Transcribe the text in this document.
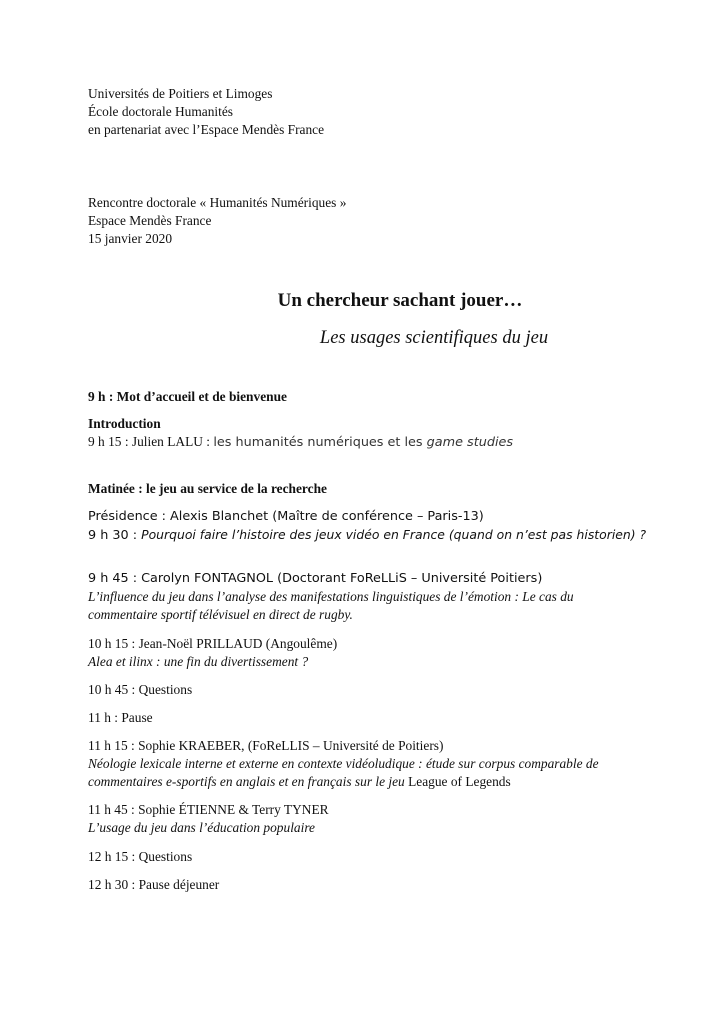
Universités de Poitiers et Limoges
École doctorale Humanités
en partenariat avec l’Espace Mendès France
Rencontre doctorale « Humanités Numériques »
Espace Mendès France
15 janvier 2020
Un chercheur sachant jouer…
Les usages scientifiques du jeu
9 h : Mot d’accueil et de bienvenue
Introduction
9 h 15 : Julien LALU : les humanités numériques et les game studies
Matinée : le jeu au service de la recherche
Présidence : Alexis Blanchet (Maître de conférence – Paris-13)
9 h 30 : Pourquoi faire l’histoire des jeux vidéo en France (quand on n’est pas historien) ?
9 h 45 : Carolyn FONTAGNOL (Doctorant FoReLLiS – Université Poitiers)
L’influence du jeu dans l’analyse des manifestations linguistiques de l’émotion : Le cas du commentaire sportif télévisuel en direct de rugby.
10 h 15 : Jean-Noël PRILLAUD (Angoulême)
Alea et ilinx : une fin du divertissement ?
10 h 45 : Questions
11 h : Pause
11 h 15 : Sophie KRAEBER, (FoReLLIS – Université de Poitiers)
Néologie lexicale interne et externe en contexte vidéoludique : étude sur corpus comparable de commentaires e-sportifs en anglais et en français sur le jeu League of Legends
11 h 45 : Sophie ÉTIENNE & Terry TYNER
L’usage du jeu dans l’éducation populaire
12 h 15 : Questions
12 h 30 : Pause déjeuner
